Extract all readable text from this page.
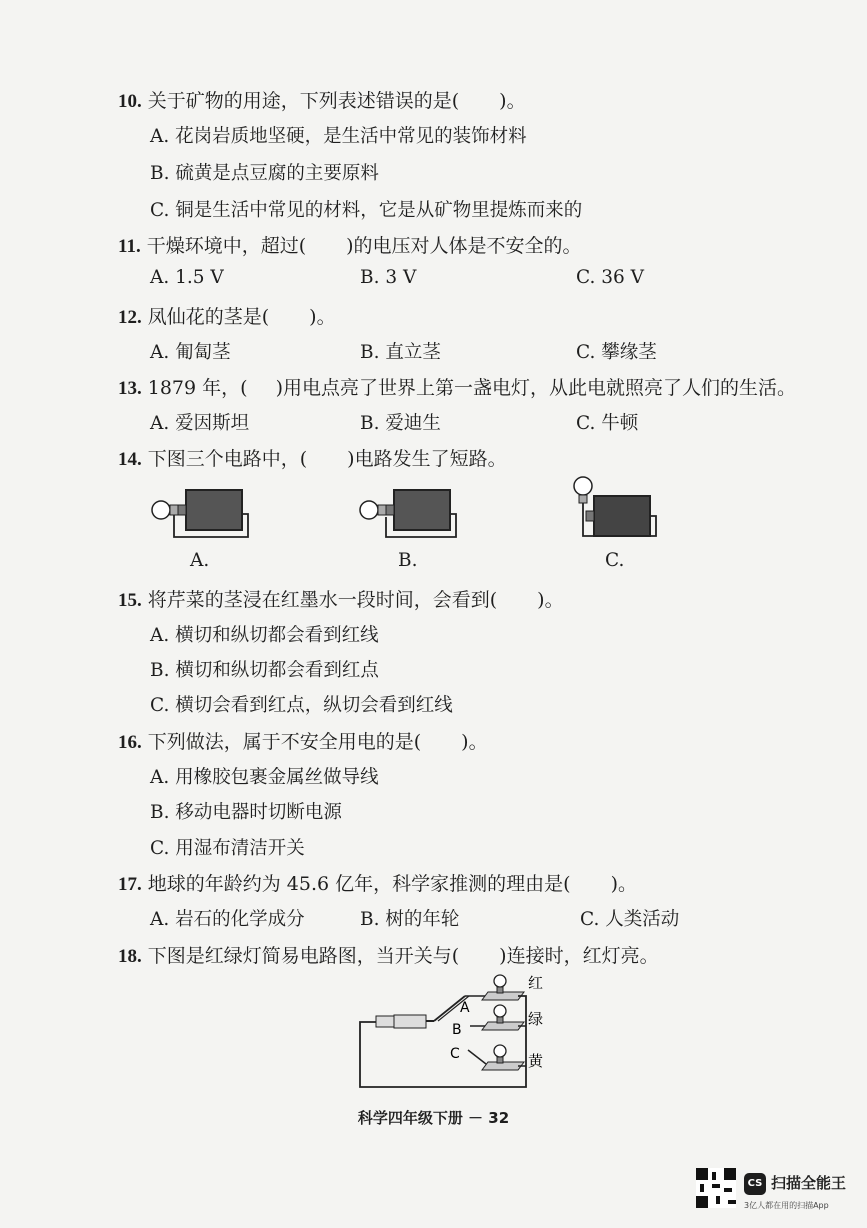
10. 关于矿物的用途，下列表述错误的是( )。
A. 花岗岩质地坚硬，是生活中常见的装饰材料
B. 硫黄是点豆腐的主要原料
C. 铜是生活中常见的材料，它是从矿物里提炼而来的
11. 干燥环境中，超过( )的电压对人体是不安全的。
A. 1.5 V	B. 3 V	C. 36 V
12. 凤仙花的茎是( )。
A. 匍匐茎	B. 直立茎	C. 攀缘茎
13. 1879 年，( )用电点亮了世界上第一盏电灯，从此电就照亮了人们的生活。
A. 爱因斯坦	B. 爱迪生	C. 牛顿
14. 下图三个电路中，( )电路发生了短路。
A.	B.	C.
15. 将芹菜的茎浸在红墨水一段时间，会看到( )。
A. 横切和纵切都会看到红线
B. 横切和纵切都会看到红点
C. 横切会看到红点，纵切会看到红线
16. 下列做法，属于不安全用电的是( )。
A. 用橡胶包裹金属丝做导线
B. 移动电器时切断电源
C. 用湿布清洁开关
17. 地球的年龄约为 45.6 亿年，科学家推测的理由是( )。
A. 岩石的化学成分	B. 树的年轮	C. 人类活动
18. 下图是红绿灯简易电路图，当开关与( )连接时，红灯亮。
A
B
C
红
绿
黄
科学四年级下册 － 32
CS 扫描全能王
3亿人都在用的扫描App
